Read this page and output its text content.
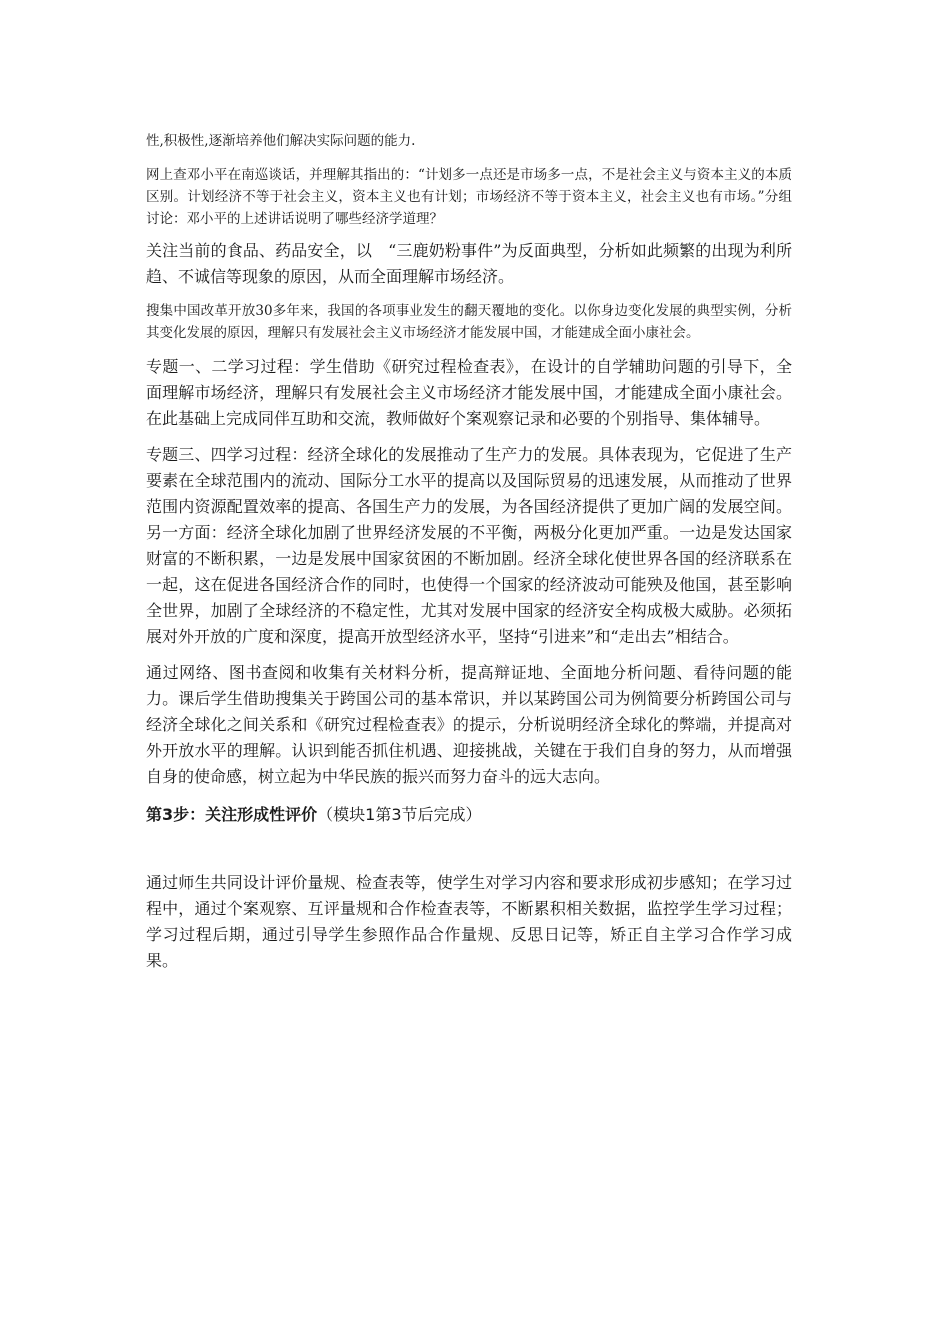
性,积极性,逐渐培养他们解决实际问题的能力.

网上查邓小平在南巡谈话，并理解其指出的：“计划多一点还是市场多一点，不是社会主义与资本主义的本质区别。计划经济不等于社会主义，资本主义也有计划；市场经济不等于资本主义，社会主义也有市场。”分组讨论：邓小平的上述讲话说明了哪些经济学道理？

关注当前的食品、药品安全，以　“三鹿奶粉事件”为反面典型，分析如此频繁的出现为利所趋、不诚信等现象的原因，从而全面理解市场经济。

搜集中国改革开放30多年来，我国的各项事业发生的翻天覆地的变化。以你身边变化发展的典型实例，分析其变化发展的原因，理解只有发展社会主义市场经济才能发展中国，才能建成全面小康社会。

专题一、二学习过程：学生借助《研究过程检查表》，在设计的自学辅助问题的引导下，全面理解市场经济，理解只有发展社会主义市场经济才能发展中国，才能建成全面小康社会。在此基础上完成同伴互助和交流，教师做好个案观察记录和必要的个别指导、集体辅导。

专题三、四学习过程：经济全球化的发展推动了生产力的发展。具体表现为，它促进了生产要素在全球范围内的流动、国际分工水平的提高以及国际贸易的迅速发展，从而推动了世界范围内资源配置效率的提高、各国生产力的发展，为各国经济提供了更加广阔的发展空间。另一方面：经济全球化加剧了世界经济发展的不平衡，两极分化更加严重。一边是发达国家财富的不断积累，一边是发展中国家贫困的不断加剧。经济全球化使世界各国的经济联系在一起，这在促进各国经济合作的同时，也使得一个国家的经济波动可能殃及他国，甚至影响全世界，加剧了全球经济的不稳定性，尤其对发展中国家的经济安全构成极大威胁。必须拓展对外开放的广度和深度，提高开放型经济水平，坚持“引进来”和“走出去”相结合。

通过网络、图书查阅和收集有关材料分析，提高辩证地、全面地分析问题、看待问题的能力。课后学生借助搜集关于跨国公司的基本常识，并以某跨国公司为例简要分析跨国公司与经济全球化之间关系和《研究过程检查表》的提示，分析说明经济全球化的弊端，并提高对外开放水平的理解。认识到能否抓住机遇、迎接挑战，关键在于我们自身的努力，从而增强自身的使命感，树立起为中华民族的振兴而努力奋斗的远大志向。

第3步：关注形成性评价（模块1第3节后完成）

通过师生共同设计评价量规、检查表等，使学生对学习内容和要求形成初步感知；在学习过程中，通过个案观察、互评量规和合作检查表等，不断累积相关数据，监控学生学习过程；学习过程后期，通过引导学生参照作品合作量规、反思日记等，矫正自主学习合作学习成果。
